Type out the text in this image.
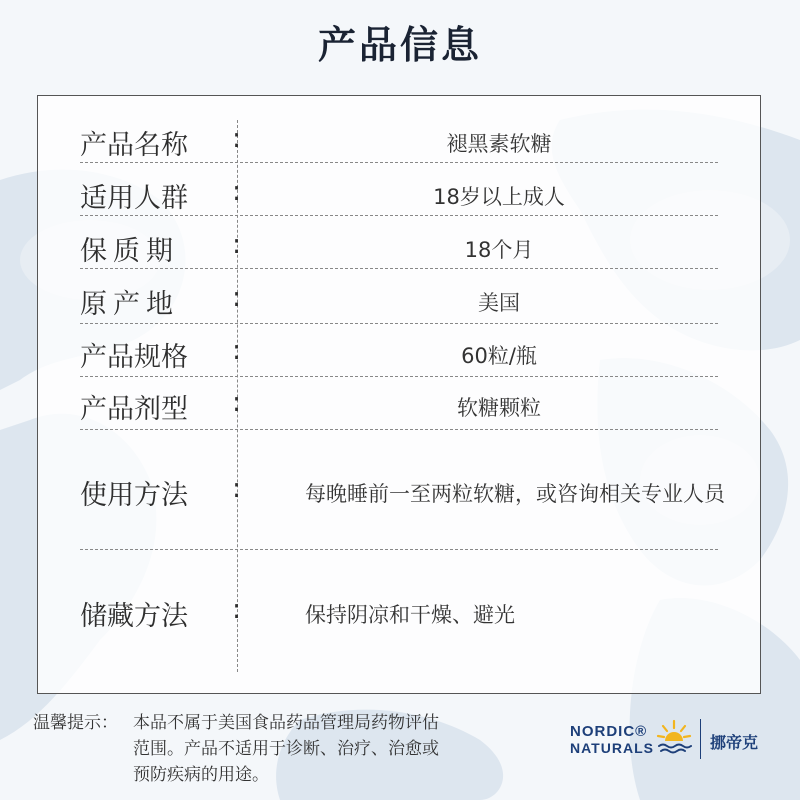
产品信息
产品名称	:	褪黑素软糖
适用人群	:	18岁以上成人
保质期	:	18个月
原产地	:	美国
产品规格	:	60粒/瓶
产品剂型	:	软糖颗粒
使用方法	:	每晚睡前一至两粒软糖，或咨询相关专业人员
储藏方法	:	保持阴凉和干燥、避光
温馨提示： 本品不属于美国食品药品管理局药物评估
范围。产品不适用于诊断、治疗、治愈或
预防疾病的用途。
NORDIC®
NATURALS	挪帝克
